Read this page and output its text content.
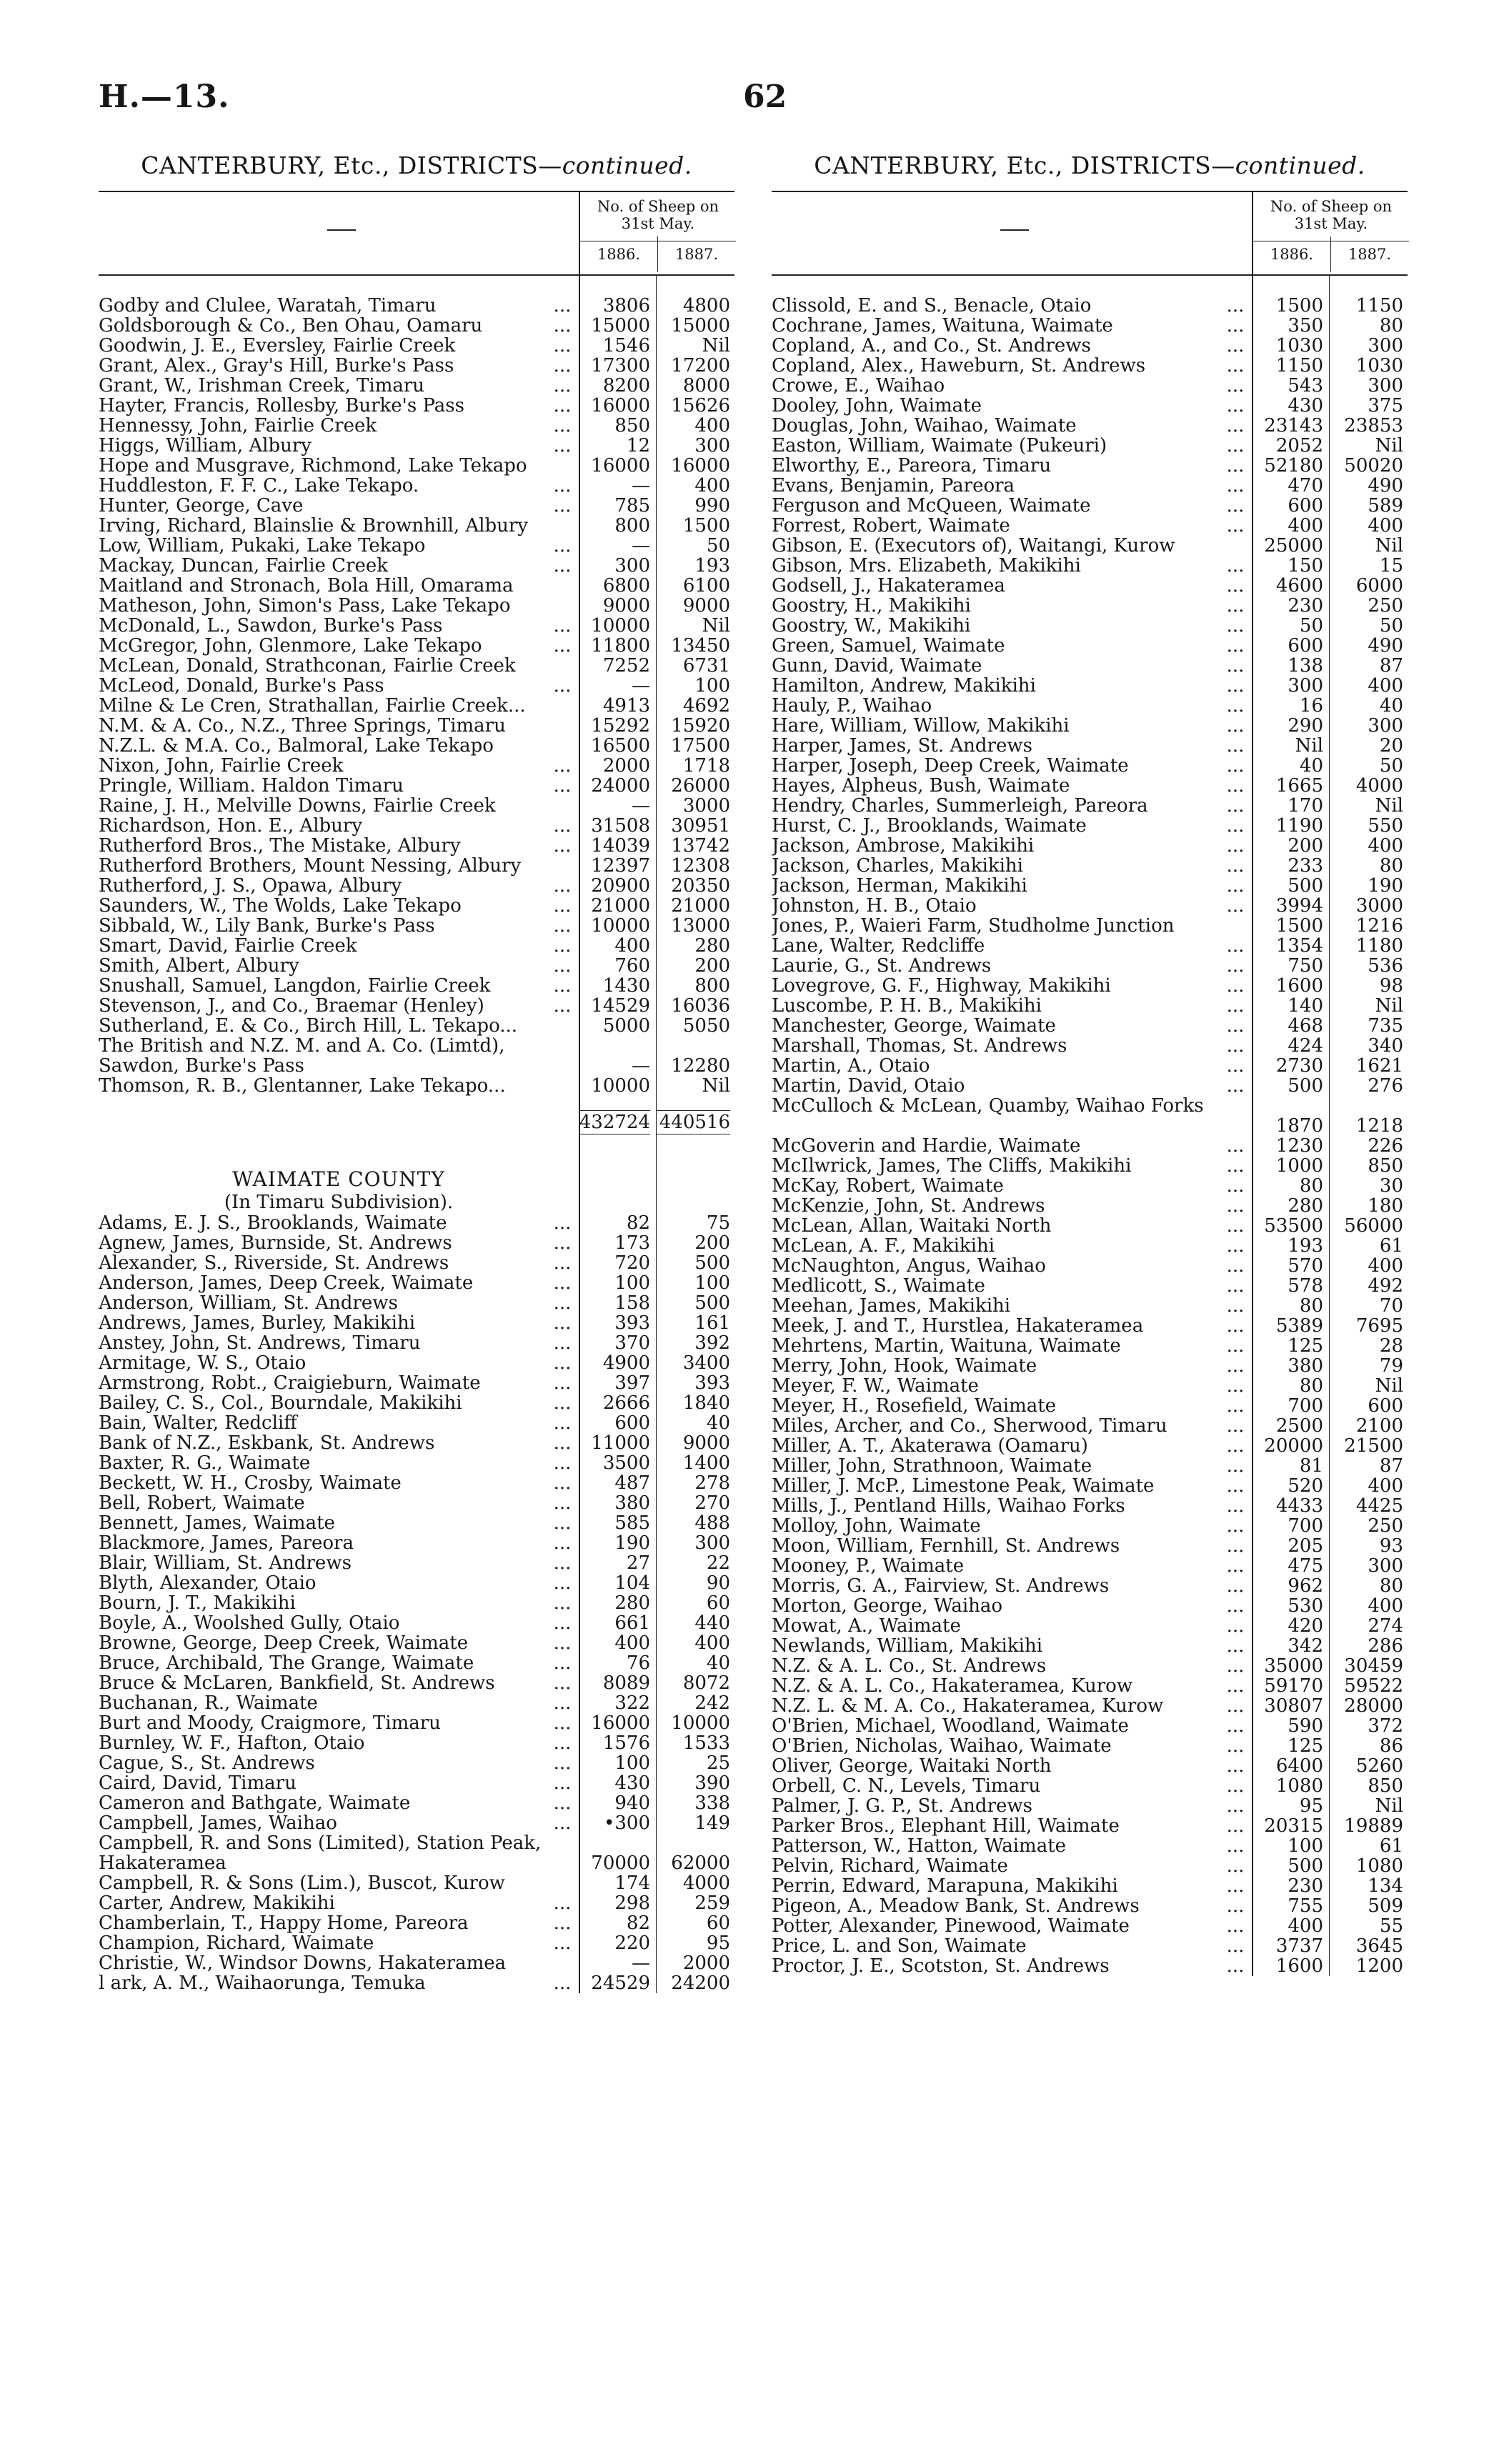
H.—13.	62
CANTERBURY, Etc., DISTRICTS—continued.
No. of Sheep on 31st May.
1886.	1887.
Godby and Clulee, Waratah, Timaru	...	3806	4800
Goldsborough & Co., Ben Ohau, Oamaru	...	15000	15000
Goodwin, J. E., Eversley, Fairlie Creek	...	1546	Nil
Grant, Alex., Gray's Hill, Burke's Pass	...	17300	17200
Grant, W., Irishman Creek, Timaru	...	8200	8000
Hayter, Francis, Rollesby, Burke's Pass	...	16000	15626
Hennessy, John, Fairlie Creek	...	850	400
Higgs, William, Albury	...	12	300
Hope and Musgrave, Richmond, Lake Tekapo	16000	16000
Huddleston, F. F. C., Lake Tekapo.	...	—	400
Hunter, George, Cave	...	785	990
Irving, Richard, Blainslie & Brownhill, Albury	800	1500
Low, William, Pukaki, Lake Tekapo	...	—	50
Mackay, Duncan, Fairlie Creek	...	300	193
Maitland and Stronach, Bola Hill, Omarama	6800	6100
Matheson, John, Simon's Pass, Lake Tekapo	9000	9000
McDonald, L., Sawdon, Burke's Pass	...	10000	Nil
McGregor, John, Glenmore, Lake Tekapo	...	11800	13450
McLean, Donald, Strathconan, Fairlie Creek	7252	6731
McLeod, Donald, Burke's Pass	...	—	100
Milne & Le Cren, Strathallan, Fairlie Creek...	4913	4692
N.M. & A. Co., N.Z., Three Springs, Timaru	15292	15920
N.Z.L. & M.A. Co., Balmoral, Lake Tekapo	16500	17500
Nixon, John, Fairlie Creek	...	2000	1718
Pringle, William. Haldon Timaru	...	24000	26000
Raine, J. H., Melville Downs, Fairlie Creek	—	3000
Richardson, Hon. E., Albury	...	31508	30951
Rutherford Bros., The Mistake, Albury	...	14039	13742
Rutherford Brothers, Mount Nessing, Albury	12397	12308
Rutherford, J. S., Opawa, Albury	...	20900	20350
Saunders, W., The Wolds, Lake Tekapo	...	21000	21000
Sibbald, W., Lily Bank, Burke's Pass	...	10000	13000
Smart, David, Fairlie Creek	...	400	280
Smith, Albert, Albury	...	760	200
Snushall, Samuel, Langdon, Fairlie Creek	...	1430	800
Stevenson, J., and Co., Braemar (Henley)	...	14529	16036
Sutherland, E. & Co., Birch Hill, L. Tekapo...	5000	5050
The British and N.Z. M. and A. Co. (Limtd), Sawdon, Burke's Pass	—	12280
Thomson, R. B., Glentanner, Lake Tekapo...	10000	Nil
432724 440516
WAIMATE COUNTY
(In Timaru Subdivision).
Adams, E. J. S., Brooklands, Waimate	...	82	75
Agnew, James, Burnside, St. Andrews	...	173	200
Alexander, S., Riverside, St. Andrews	...	720	500
Anderson, James, Deep Creek, Waimate	...	100	100
Anderson, William, St. Andrews	...	158	500
Andrews, James, Burley, Makikihi	...	393	161
Anstey, John, St. Andrews, Timaru	...	370	392
Armitage, W. S., Otaio	...	4900	3400
Armstrong, Robt., Craigieburn, Waimate	...	397	393
Bailey, C. S., Col., Bourndale, Makikihi	...	2666	1840
Bain, Walter, Redcliff	...	600	40
Bank of N.Z., Eskbank, St. Andrews	...	11000	9000
Baxter, R. G., Waimate	...	3500	1400
Beckett, W. H., Crosby, Waimate	...	487	278
Bell, Robert, Waimate	...	380	270
Bennett, James, Waimate	...	585	488
Blackmore, James, Pareora	...	190	300
Blair, William, St. Andrews	...	27	22
Blyth, Alexander, Otaio	...	104	90
Bourn, J. T., Makikihi	...	280	60
Boyle, A., Woolshed Gully, Otaio	...	661	440
Browne, George, Deep Creek, Waimate	...	400	400
Bruce, Archibald, The Grange, Waimate	...	76	40
Bruce & McLaren, Bankfield, St. Andrews	...	8089	8072
Buchanan, R., Waimate	...	322	242
Burt and Moody, Craigmore, Timaru	...	16000	10000
Burnley, W. F., Hafton, Otaio	...	1576	1533
Cague, S., St. Andrews	...	100	25
Caird, David, Timaru	...	430	390
Cameron and Bathgate, Waimate	...	940	338
Campbell, James, Waihao	...	•300	149
Campbell, R. and Sons (Limited), Station Peak, Hakateramea	70000	62000
Campbell, R. & Sons (Lim.), Buscot, Kurow	174	4000
Carter, Andrew, Makikihi	...	298	259
Chamberlain, T., Happy Home, Pareora	...	82	60
Champion, Richard, Waimate	...	220	95
Christie, W., Windsor Downs, Hakateramea	—	2000
l ark, A. M., Waihaorunga, Temuka	...	24529	24200
CANTERBURY, Etc., DISTRICTS—continued.
No. of Sheep on 31st May.
1886.	1887.
Clissold, E. and S., Benacle, Otaio	...	1500	1150
Cochrane, James, Waituna, Waimate	...	350	80
Copland, A., and Co., St. Andrews	...	1030	300
Copland, Alex., Haweburn, St. Andrews	...	1150	1030
Crowe, E., Waihao	...	543	300
Dooley, John, Waimate	...	430	375
Douglas, John, Waihao, Waimate	...	23143	23853
Easton, William, Waimate (Pukeuri)	...	2052	Nil
Elworthy, E., Pareora, Timaru	...	52180	50020
Evans, Benjamin, Pareora	...	470	490
Ferguson and McQueen, Waimate	...	600	589
Forrest, Robert, Waimate	...	400	400
Gibson, E. (Executors of), Waitangi, Kurow	25000	Nil
Gibson, Mrs. Elizabeth, Makikihi	...	150	15
Godsell, J., Hakateramea	...	4600	6000
Goostry, H., Makikihi	...	230	250
Goostry, W., Makikihi	...	50	50
Green, Samuel, Waimate	...	600	490
Gunn, David, Waimate	...	138	87
Hamilton, Andrew, Makikihi	...	300	400
Hauly, P., Waihao	...	16	40
Hare, William, Willow, Makikihi	...	290	300
Harper, James, St. Andrews	...	Nil	20
Harper, Joseph, Deep Creek, Waimate	...	40	50
Hayes, Alpheus, Bush, Waimate	...	1665	4000
Hendry, Charles, Summerleigh, Pareora	...	170	Nil
Hurst, C. J., Brooklands, Waimate	...	1190	550
Jackson, Ambrose, Makikihi	...	200	400
Jackson, Charles, Makikihi	...	233	80
Jackson, Herman, Makikihi	...	500	190
Johnston, H. B., Otaio	...	3994	3000
Jones, P., Waieri Farm, Studholme Junction	1500	1216
Lane, Walter, Redcliffe	...	1354	1180
Laurie, G., St. Andrews	...	750	536
Lovegrove, G. F., Highway, Makikihi	...	1600	98
Luscombe, P. H. B., Makikihi	...	140	Nil
Manchester, George, Waimate	...	468	735
Marshall, Thomas, St. Andrews	...	424	340
Martin, A., Otaio	...	2730	1621
Martin, David, Otaio	...	500	276
McCulloch & McLean, Quamby, Waihao Forks
1870	1218
McGoverin and Hardie, Waimate	...	1230	226
McIlwrick, James, The Cliffs, Makikihi	...	1000	850
McKay, Robert, Waimate	...	80	30
McKenzie, John, St. Andrews	...	280	180
McLean, Allan, Waitaki North	...	53500	56000
McLean, A. F., Makikihi	...	193	61
McNaughton, Angus, Waihao	...	570	400
Medlicott, S., Waimate	...	578	492
Meehan, James, Makikihi	...	80	70
Meek, J. and T., Hurstlea, Hakateramea	...	5389	7695
Mehrtens, Martin, Waituna, Waimate	...	125	28
Merry, John, Hook, Waimate	...	380	79
Meyer, F. W., Waimate	...	80	Nil
Meyer, H., Rosefield, Waimate	...	700	600
Miles, Archer, and Co., Sherwood, Timaru	...	2500	2100
Miller, A. T., Akaterawa (Oamaru)	...	20000	21500
Miller, John, Strathnoon, Waimate	...	81	87
Miller, J. McP., Limestone Peak, Waimate	...	520	400
Mills, J., Pentland Hills, Waihao Forks	...	4433	4425
Molloy, John, Waimate	...	700	250
Moon, William, Fernhill, St. Andrews	...	205	93
Mooney, P., Waimate	...	475	300
Morris, G. A., Fairview, St. Andrews	...	962	80
Morton, George, Waihao	...	530	400
Mowat, A., Waimate	...	420	274
Newlands, William, Makikihi	...	342	286
N.Z. & A. L. Co., St. Andrews	...	35000	30459
N.Z. & A. L. Co., Hakateramea, Kurow	...	59170	59522
N.Z. L. & M. A. Co., Hakateramea, Kurow	...	30807	28000
O'Brien, Michael, Woodland, Waimate	...	590	372
O'Brien, Nicholas, Waihao, Waimate	...	125	86
Oliver, George, Waitaki North	...	6400	5260
Orbell, C. N., Levels, Timaru	...	1080	850
Palmer, J. G. P., St. Andrews	...	95	Nil
Parker Bros., Elephant Hill, Waimate	...	20315	19889
Patterson, W., Hatton, Waimate	...	100	61
Pelvin, Richard, Waimate	...	500	1080
Perrin, Edward, Marapuna, Makikihi	...	230	134
Pigeon, A., Meadow Bank, St. Andrews	...	755	509
Potter, Alexander, Pinewood, Waimate	...	400	55
Price, L. and Son, Waimate	...	3737	3645
Proctor, J. E., Scotston, St. Andrews	...	1600	1200
